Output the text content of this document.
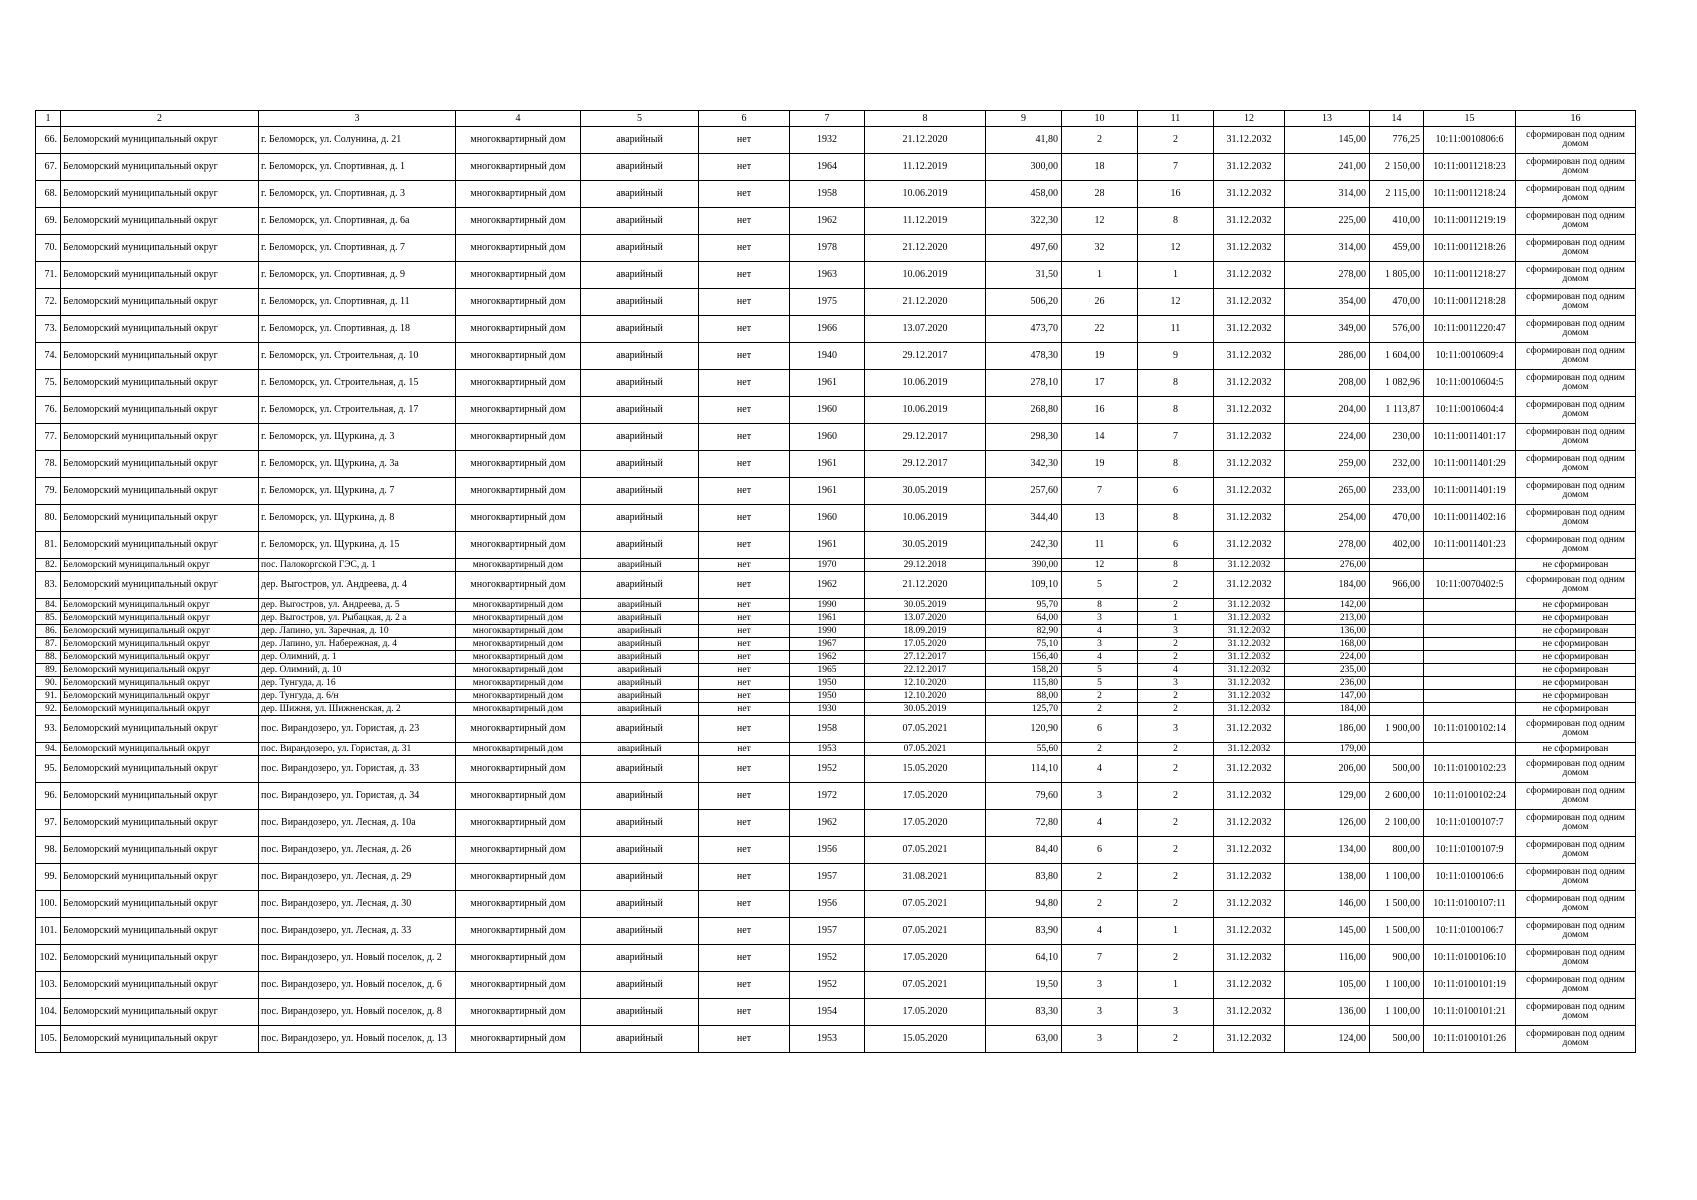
1	2	3	4	5	6	7	8	9	10	11	12	13	14	15	16
66.	Беломорский муниципальный округ	г. Беломорск, ул. Солунина, д. 21	многоквартирный дом	аварийный	нет	1932	21.12.2020	41,80	2	2	31.12.2032	145,00	776,25	10:11:0010806:6	сформирован под одним домом
67.	Беломорский муниципальный округ	г. Беломорск, ул. Спортивная, д. 1	многоквартирный дом	аварийный	нет	1964	11.12.2019	300,00	18	7	31.12.2032	241,00	2 150,00	10:11:0011218:23	сформирован под одним домом
68.	Беломорский муниципальный округ	г. Беломорск, ул. Спортивная, д. 3	многоквартирный дом	аварийный	нет	1958	10.06.2019	458,00	28	16	31.12.2032	314,00	2 115,00	10:11:0011218:24	сформирован под одним домом
69.	Беломорский муниципальный округ	г. Беломорск, ул. Спортивная, д. 6а	многоквартирный дом	аварийный	нет	1962	11.12.2019	322,30	12	8	31.12.2032	225,00	410,00	10:11:0011219:19	сформирован под одним домом
70.	Беломорский муниципальный округ	г. Беломорск, ул. Спортивная, д. 7	многоквартирный дом	аварийный	нет	1978	21.12.2020	497,60	32	12	31.12.2032	314,00	459,00	10:11:0011218:26	сформирован под одним домом
71.	Беломорский муниципальный округ	г. Беломорск, ул. Спортивная, д. 9	многоквартирный дом	аварийный	нет	1963	10.06.2019	31,50	1	1	31.12.2032	278,00	1 805,00	10:11:0011218:27	сформирован под одним домом
72.	Беломорский муниципальный округ	г. Беломорск, ул. Спортивная, д. 11	многоквартирный дом	аварийный	нет	1975	21.12.2020	506,20	26	12	31.12.2032	354,00	470,00	10:11:0011218:28	сформирован под одним домом
73.	Беломорский муниципальный округ	г. Беломорск, ул. Спортивная, д. 18	многоквартирный дом	аварийный	нет	1966	13.07.2020	473,70	22	11	31.12.2032	349,00	576,00	10:11:0011220:47	сформирован под одним домом
74.	Беломорский муниципальный округ	г. Беломорск, ул. Строительная, д. 10	многоквартирный дом	аварийный	нет	1940	29.12.2017	478,30	19	9	31.12.2032	286,00	1 604,00	10:11:0010609:4	сформирован под одним домом
75.	Беломорский муниципальный округ	г. Беломорск, ул. Строительная, д. 15	многоквартирный дом	аварийный	нет	1961	10.06.2019	278,10	17	8	31.12.2032	208,00	1 082,96	10:11:0010604:5	сформирован под одним домом
76.	Беломорский муниципальный округ	г. Беломорск, ул. Строительная, д. 17	многоквартирный дом	аварийный	нет	1960	10.06.2019	268,80	16	8	31.12.2032	204,00	1 113,87	10:11:0010604:4	сформирован под одним домом
77.	Беломорский муниципальный округ	г. Беломорск, ул. Щуркина, д. 3	многоквартирный дом	аварийный	нет	1960	29.12.2017	298,30	14	7	31.12.2032	224,00	230,00	10:11:0011401:17	сформирован под одним домом
78.	Беломорский муниципальный округ	г. Беломорск, ул. Щуркина, д. 3а	многоквартирный дом	аварийный	нет	1961	29.12.2017	342,30	19	8	31.12.2032	259,00	232,00	10:11:0011401:29	сформирован под одним домом
79.	Беломорский муниципальный округ	г. Беломорск, ул. Щуркина, д. 7	многоквартирный дом	аварийный	нет	1961	30.05.2019	257,60	7	6	31.12.2032	265,00	233,00	10:11:0011401:19	сформирован под одним домом
80.	Беломорский муниципальный округ	г. Беломорск, ул. Щуркина, д. 8	многоквартирный дом	аварийный	нет	1960	10.06.2019	344,40	13	8	31.12.2032	254,00	470,00	10:11:0011402:16	сформирован под одним домом
81.	Беломорский муниципальный округ	г. Беломорск, ул. Щуркина, д. 15	многоквартирный дом	аварийный	нет	1961	30.05.2019	242,30	11	6	31.12.2032	278,00	402,00	10:11:0011401:23	сформирован под одним домом
82.	Беломорский муниципальный округ	пос. Палокоргской ГЭС, д. 1	многоквартирный дом	аварийный	нет	1970	29.12.2018	390,00	12	8	31.12.2032	276,00			не сформирован
83.	Беломорский муниципальный округ	дер. Выгостров, ул. Андреева, д. 4	многоквартирный дом	аварийный	нет	1962	21.12.2020	109,10	5	2	31.12.2032	184,00	966,00	10:11:0070402:5	сформирован под одним домом
84.	Беломорский муниципальный округ	дер. Выгостров, ул. Андреева, д. 5	многоквартирный дом	аварийный	нет	1990	30.05.2019	95,70	8	2	31.12.2032	142,00			не сформирован
85.	Беломорский муниципальный округ	дер. Выгостров, ул. Рыбацкая, д. 2 а	многоквартирный дом	аварийный	нет	1961	13.07.2020	64,00	3	1	31.12.2032	213,00			не сформирован
86.	Беломорский муниципальный округ	дер. Лапино, ул. Заречная, д. 10	многоквартирный дом	аварийный	нет	1990	18.09.2019	82,90	4	3	31.12.2032	136,00			не сформирован
87.	Беломорский муниципальный округ	дер. Лапино, ул. Набережная, д. 4	многоквартирный дом	аварийный	нет	1967	17.05.2020	75,10	3	2	31.12.2032	168,00			не сформирован
88.	Беломорский муниципальный округ	дер. Олимний, д. 1	многоквартирный дом	аварийный	нет	1962	27.12.2017	156,40	4	2	31.12.2032	224,00			не сформирован
89.	Беломорский муниципальный округ	дер. Олимний, д. 10	многоквартирный дом	аварийный	нет	1965	22.12.2017	158,20	5	4	31.12.2032	235,00			не сформирован
90.	Беломорский муниципальный округ	дер. Тунгуда, д. 16	многоквартирный дом	аварийный	нет	1950	12.10.2020	115,80	5	3	31.12.2032	236,00			не сформирован
91.	Беломорский муниципальный округ	дер. Тунгуда, д. 6/н	многоквартирный дом	аварийный	нет	1950	12.10.2020	88,00	2	2	31.12.2032	147,00			не сформирован
92.	Беломорский муниципальный округ	дер. Шижня, ул. Шижненская, д. 2	многоквартирный дом	аварийный	нет	1930	30.05.2019	125,70	2	2	31.12.2032	184,00			не сформирован
93.	Беломорский муниципальный округ	пос. Вирандозеро, ул. Гористая, д. 23	многоквартирный дом	аварийный	нет	1958	07.05.2021	120,90	6	3	31.12.2032	186,00	1 900,00	10:11:0100102:14	сформирован под одним домом
94.	Беломорский муниципальный округ	пос. Вирандозеро, ул. Гористая, д. 31	многоквартирный дом	аварийный	нет	1953	07.05.2021	55,60	2	2	31.12.2032	179,00			не сформирован
95.	Беломорский муниципальный округ	пос. Вирандозеро, ул. Гористая, д. 33	многоквартирный дом	аварийный	нет	1952	15.05.2020	114,10	4	2	31.12.2032	206,00	500,00	10:11:0100102:23	сформирован под одним домом
96.	Беломорский муниципальный округ	пос. Вирандозеро, ул. Гористая, д. 34	многоквартирный дом	аварийный	нет	1972	17.05.2020	79,60	3	2	31.12.2032	129,00	2 600,00	10:11:0100102:24	сформирован под одним домом
97.	Беломорский муниципальный округ	пос. Вирандозеро, ул. Лесная, д. 10а	многоквартирный дом	аварийный	нет	1962	17.05.2020	72,80	4	2	31.12.2032	126,00	2 100,00	10:11:0100107:7	сформирован под одним домом
98.	Беломорский муниципальный округ	пос. Вирандозеро, ул. Лесная, д. 26	многоквартирный дом	аварийный	нет	1956	07.05.2021	84,40	6	2	31.12.2032	134,00	800,00	10:11:0100107:9	сформирован под одним домом
99.	Беломорский муниципальный округ	пос. Вирандозеро, ул. Лесная, д. 29	многоквартирный дом	аварийный	нет	1957	31.08.2021	83,80	2	2	31.12.2032	138,00	1 100,00	10:11:0100106:6	сформирован под одним домом
100.	Беломорский муниципальный округ	пос. Вирандозеро, ул. Лесная, д. 30	многоквартирный дом	аварийный	нет	1956	07.05.2021	94,80	2	2	31.12.2032	146,00	1 500,00	10:11:0100107:11	сформирован под одним домом
101.	Беломорский муниципальный округ	пос. Вирандозеро, ул. Лесная, д. 33	многоквартирный дом	аварийный	нет	1957	07.05.2021	83,90	4	1	31.12.2032	145,00	1 500,00	10:11:0100106:7	сформирован под одним домом
102.	Беломорский муниципальный округ	пос. Вирандозеро, ул. Новый поселок, д. 2	многоквартирный дом	аварийный	нет	1952	17.05.2020	64,10	7	2	31.12.2032	116,00	900,00	10:11:0100106:10	сформирован под одним домом
103.	Беломорский муниципальный округ	пос. Вирандозеро, ул. Новый поселок, д. 6	многоквартирный дом	аварийный	нет	1952	07.05.2021	19,50	3	1	31.12.2032	105,00	1 100,00	10:11:0100101:19	сформирован под одним домом
104.	Беломорский муниципальный округ	пос. Вирандозеро, ул. Новый поселок, д. 8	многоквартирный дом	аварийный	нет	1954	17.05.2020	83,30	3	3	31.12.2032	136,00	1 100,00	10:11:0100101:21	сформирован под одним домом
105.	Беломорский муниципальный округ	пос. Вирандозеро, ул. Новый поселок, д. 13	многоквартирный дом	аварийный	нет	1953	15.05.2020	63,00	3	2	31.12.2032	124,00	500,00	10:11:0100101:26	сформирован под одним домом
